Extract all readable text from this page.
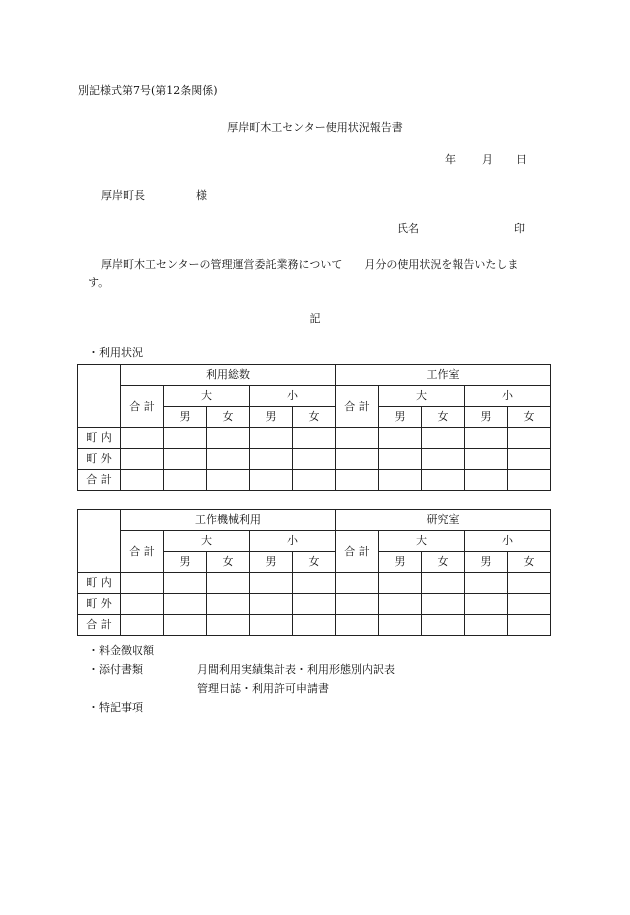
別記様式第7号(第12条関係)
厚岸町木工センター使用状況報告書
年 月 日
厚岸町長	様
氏名	印
厚岸町木工センターの管理運営委託業務について　　月分の使用状況を報告いたしま
す。
記
・利用状況
	利用総数					工作室				
	合 計	大		小		合 計	大		小	
		男	女	男	女		男	女	男	女
町 内										
町 外										
合 計										
	工作機械利用					研究室				
	合 計	大		小		合 計	大		小	
		男	女	男	女		男	女	男	女
町 内										
町 外										
合 計										
・料金徴収額
・添付書類	月間利用実績集計表・利用形態別内訳表
管理日誌・利用許可申請書
・特記事項
